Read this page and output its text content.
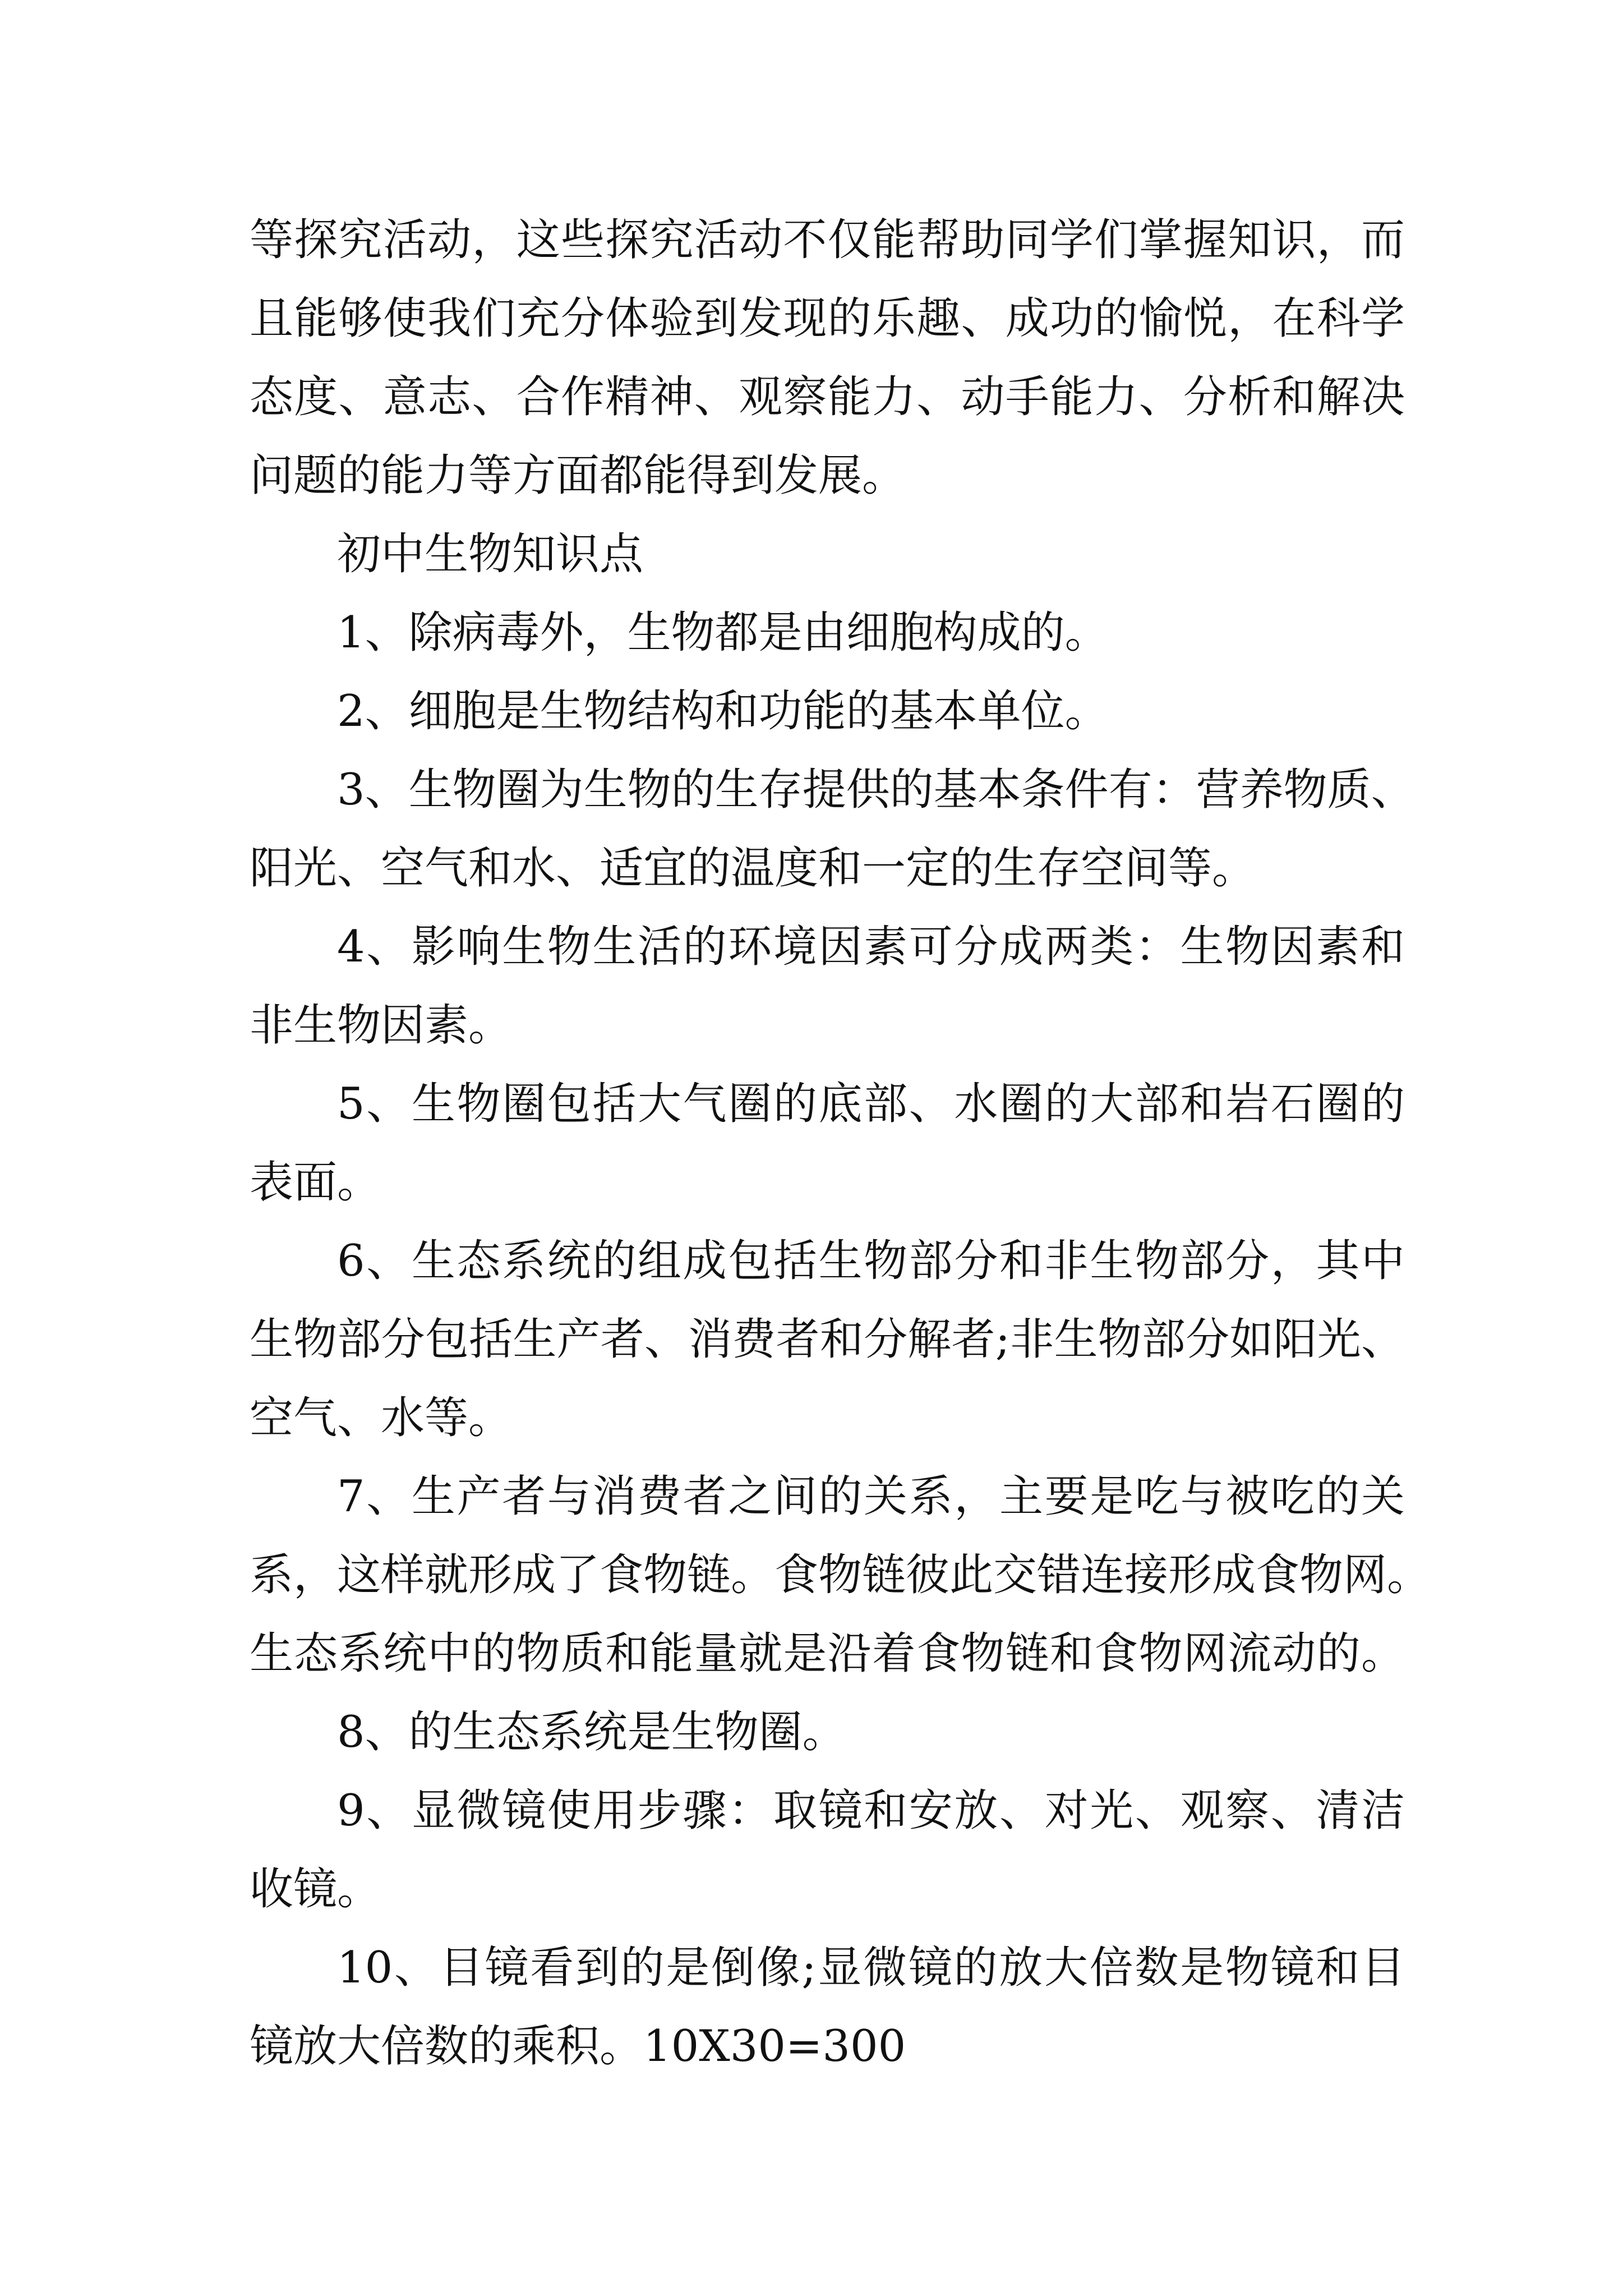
等探究活动，这些探究活动不仅能帮助同学们掌握知识，而
且能够使我们充分体验到发现的乐趣、成功的愉悦，在科学
态度、意志、合作精神、观察能力、动手能力、分析和解决
问题的能力等方面都能得到发展。
初中生物知识点
1、除病毒外，生物都是由细胞构成的。
2、细胞是生物结构和功能的基本单位。
3、生物圈为生物的生存提供的基本条件有：营养物质、
阳光、空气和水、适宜的温度和一定的生存空间等。
4、影响生物生活的环境因素可分成两类：生物因素和
非生物因素。
5、生物圈包括大气圈的底部、水圈的大部和岩石圈的
表面。
6、生态系统的组成包括生物部分和非生物部分，其中
生物部分包括生产者、消费者和分解者;非生物部分如阳光、
空气、水等。
7、生产者与消费者之间的关系，主要是吃与被吃的关
系，这样就形成了食物链。食物链彼此交错连接形成食物网。
生态系统中的物质和能量就是沿着食物链和食物网流动的。
8、的生态系统是生物圈。
9、显微镜使用步骤：取镜和安放、对光、观察、清洁
收镜。
10、目镜看到的是倒像;显微镜的放大倍数是物镜和目
镜放大倍数的乘积。10X30=300
